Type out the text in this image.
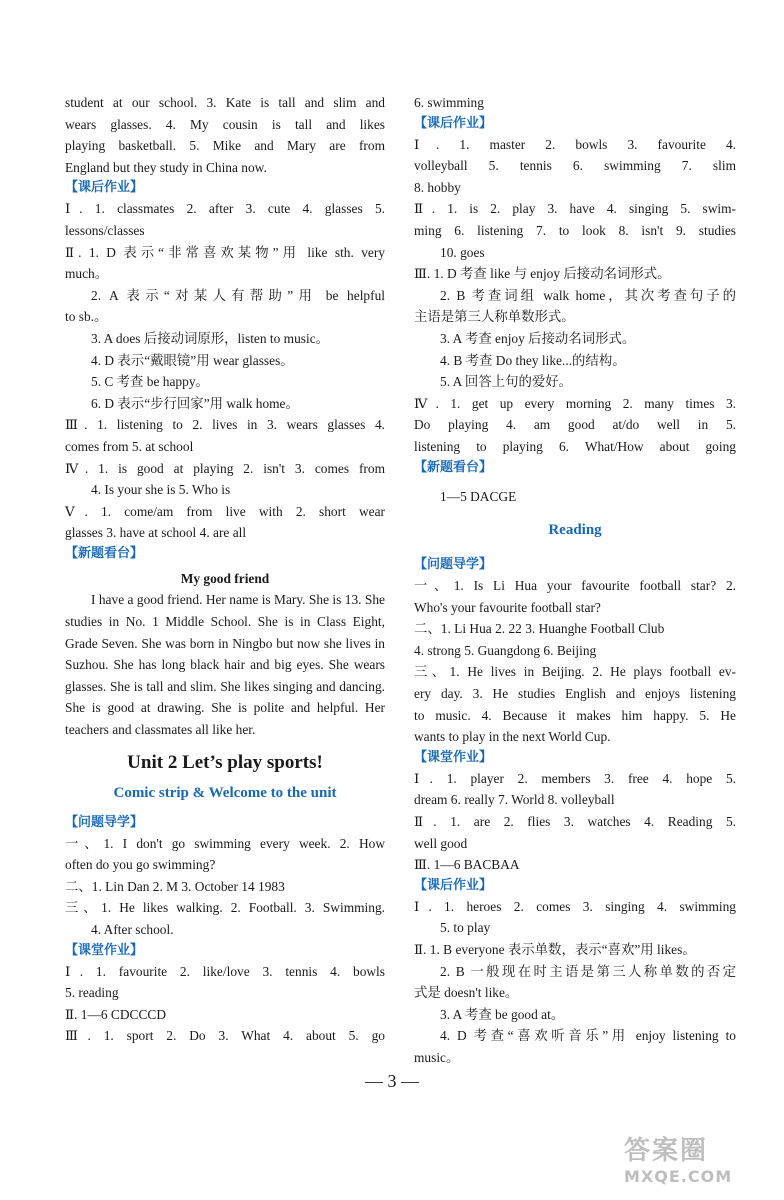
student at our school. 3. Kate is tall and slim and
wears glasses. 4. My cousin is tall and likes
playing basketball. 5. Mike and Mary are from
England but they study in China now.
【课后作业】
Ⅰ. 1. classmates 2. after 3. cute 4. glasses 5.
lessons/classes
Ⅱ. 1. D 表示“非常喜欢某物”用 like sth. very
much。
2. A 表示“对某人有帮助”用 be helpful
to sb.。
3. A does 后接动词原形，listen to music。
4. D 表示“戴眼镜”用 wear glasses。
5. C 考查 be happy。
6. D 表示“步行回家”用 walk home。
Ⅲ. 1. listening to 2. lives in 3. wears glasses 4.
comes from 5. at school
Ⅳ. 1. is good at playing 2. isn't 3. comes from
4. Is your she is 5. Who is
Ⅴ. 1. come/am from live with 2. short wear
glasses 3. have at school 4. are all
【新题看台】
My good friend

I have a good friend. Her name is Mary. She is 13. She studies in No. 1 Middle School. She is in Class Eight, Grade Seven. She was born in Ningbo but now she lives in Suzhou. She has long black hair and big eyes. She wears glasses. She is tall and slim. She likes singing and dancing. She is good at drawing. She is polite and helpful. Her teachers and classmates all like her.

Unit 2 Let’s play sports!
Comic strip & Welcome to the unit
【问题导学】
一、1. I don't go swimming every week. 2. How
often do you go swimming?
二、1. Lin Dan 2. M 3. October 14 1983
三、1. He likes walking. 2. Football. 3. Swimming.
4. After school.
【课堂作业】
Ⅰ. 1. favourite 2. like/love 3. tennis 4. bowls
5. reading
Ⅱ. 1—6 CDCCCD
Ⅲ. 1. sport 2. Do 3. What 4. about 5. go
6. swimming
【课后作业】
Ⅰ. 1. master 2. bowls 3. favourite 4.
volleyball 5. tennis 6. swimming 7. slim
8. hobby
Ⅱ. 1. is 2. play 3. have 4. singing 5. swim-
ming 6. listening 7. to look 8. isn't 9. studies
10. goes
Ⅲ. 1. D 考查 like 与 enjoy 后接动名词形式。
2. B 考查词组 walk home，其次考查句子的
主语是第三人称单数形式。
3. A 考查 enjoy 后接动名词形式。
4. B 考查 Do they like...的结构。
5. A 回答上句的爱好。
Ⅳ. 1. get up every morning 2. many times 3.
Do playing 4. am good at/do well in 5.
listening to playing 6. What/How about going
【新题看台】
1—5 DACGE
Reading
【问题导学】
一、1. Is Li Hua your favourite football star? 2.
Who's your favourite football star?
二、1. Li Hua 2. 22 3. Huanghe Football Club
4. strong 5. Guangdong 6. Beijing
三、1. He lives in Beijing. 2. He plays football ev-
ery day. 3. He studies English and enjoys listening
to music. 4. Because it makes him happy. 5. He
wants to play in the next World Cup.
【课堂作业】
Ⅰ. 1. player 2. members 3. free 4. hope 5.
dream 6. really 7. World 8. volleyball
Ⅱ. 1. are 2. flies 3. watches 4. Reading 5.
well good
Ⅲ. 1—6 BACBAA
【课后作业】
Ⅰ. 1. heroes 2. comes 3. singing 4. swimming
5. to play
Ⅱ. 1. B everyone 表示单数，表示“喜欢”用 likes。
2. B 一般现在时主语是第三人称单数的否定
式是 doesn't like。
3. A 考查 be good at。
4. D 考查“喜欢听音乐”用 enjoy listening to
music。
— 3 —
答案圈
MXQE.COM
